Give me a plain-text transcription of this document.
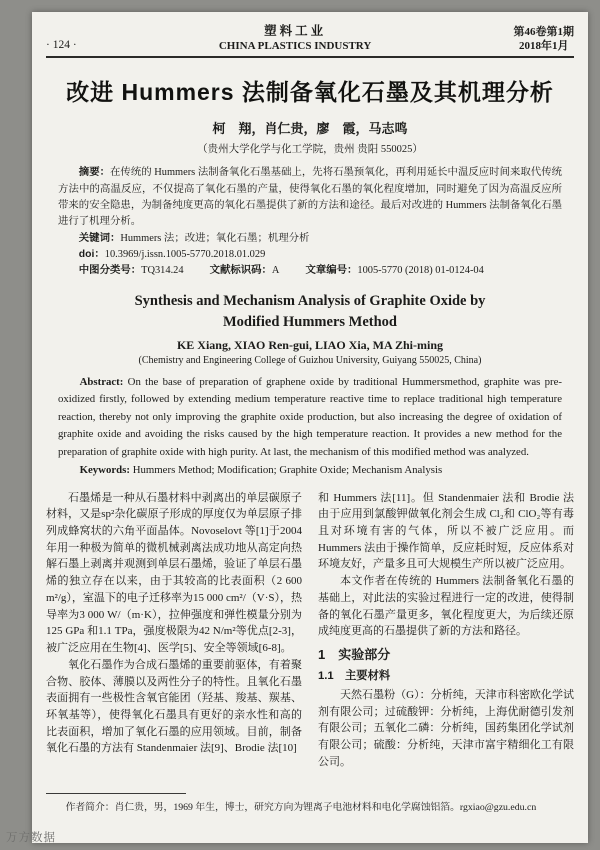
· 124 ·
塑料工业
CHINA PLASTICS INDUSTRY
第46卷第1期
2018年1月
改进 Hummers 法制备氧化石墨及其机理分析
柯　翔，肖仁贵，廖　霞，马志鸣
（贵州大学化学与化工学院，贵州 贵阳 550025）

摘要：在传统的 Hummers 法制备氧化石墨基础上，先将石墨预氧化，再利用延长中温反应时间来取代传统方法中的高温反应，不仅提高了氧化石墨的产量，使得氧化石墨的氧化程度增加，同时避免了因为高温反应所带来的安全隐患，为制备纯度更高的氧化石墨提供了新的方法和途径。最后对改进的 Hummers 法制备氧化石墨进行了机理分析。

关键词：Hummers 法；改进；氧化石墨；机理分析

doi：10.3969/j.issn.1005-5770.2018.01.029

中图分类号：TQ314.24	文献标识码：A	文章编号：1005-5770 (2018) 01-0124-04

Synthesis and Mechanism Analysis of Graphite Oxide by
Modified Hummers Method
KE Xiang, XIAO Ren-gui, LIAO Xia, MA Zhi-ming
(Chemistry and Engineering College of Guizhou University, Guiyang 550025, China)

Abstract: On the base of preparation of graphene oxide by traditional Hummersmethod, graphite was pre-oxidized firstly, followed by extending medium temperature reactive time to replace traditional high temperature reaction, thereby not only improving the graphite oxide production, but also increasing the degree of oxidation of graphite oxide and avoiding the risks caused by the high temperature reaction. It provides a new method for the preparation of graphite oxide with high purity. At last, the mechanism of this modified method was analyzed.

Keywords: Hummers Method; Modification; Graphite Oxide; Mechanism Analysis

石墨烯是一种从石墨材料中剥离出的单层碳原子材料，又是sp²杂化碳原子形成的厚度仅为单层原子排列成蜂窝状的六角平面晶体。Novoselovt 等[1]于2004年用一种极为简单的微机械剥离法成功地从高定向热解石墨上剥离并观测到单层石墨烯，验证了单层石墨烯的独立存在以来，由于其较高的比表面积（2 600 m²/g），室温下的电子迁移率为15 000 cm²/（V·S），热导率为3 000 W/（m·K），拉伸强度和弹性模量分别为125 GPa 和1.1 TPa，强度极限为42 N/m²等优点[2-3]，被广泛应用在生物[4]、医学[5]、安全等领域[6-8]。

氧化石墨作为合成石墨烯的重要前驱体，有着聚合物、胶体、薄膜以及两性分子的特性。且氧化石墨表面拥有一些极性含氧官能团（羟基、羧基、羰基、环氧基等），使得氧化石墨具有更好的亲水性和高的比表面积，增加了氧化石墨的应用领域。目前，制备氧化石墨的方法有 Standenmaier 法[9]、Brodie 法[10]

和 Hummers 法[11]。但 Standenmaier 法和 Brodie 法由于应用到氯酸钾做氧化剂会生成 Cl₂和 ClO₂等有毒且对环境有害的气体，所以不被广泛应用。而 Hummers 法由于操作简单，反应耗时短，反应体系对环境友好，产量多且可大规模生产所以被广泛应用。

本文作者在传统的 Hummers 法制备氧化石墨的基础上，对此法的实验过程进行一定的改进，使得制备的氧化石墨产量更多，氧化程度更大，为后续还原成纯度更高的石墨提供了新的方法和路径。

1　实验部分
1.1　主要材料

天然石墨粉（G）：分析纯，天津市科密欧化学试剂有限公司；过硫酸钾：分析纯，上海优耐德引发剂有限公司；五氧化二磷：分析纯，国药集团化学试剂有限公司；硫酸：分析纯，天津市富宇精细化工有限公司。

作者简介：肖仁贵，男，1969 年生，博士，研究方向为锂离子电池材料和电化学腐蚀铝箔。rgxiao@gzu.edu.cn

万方数据
